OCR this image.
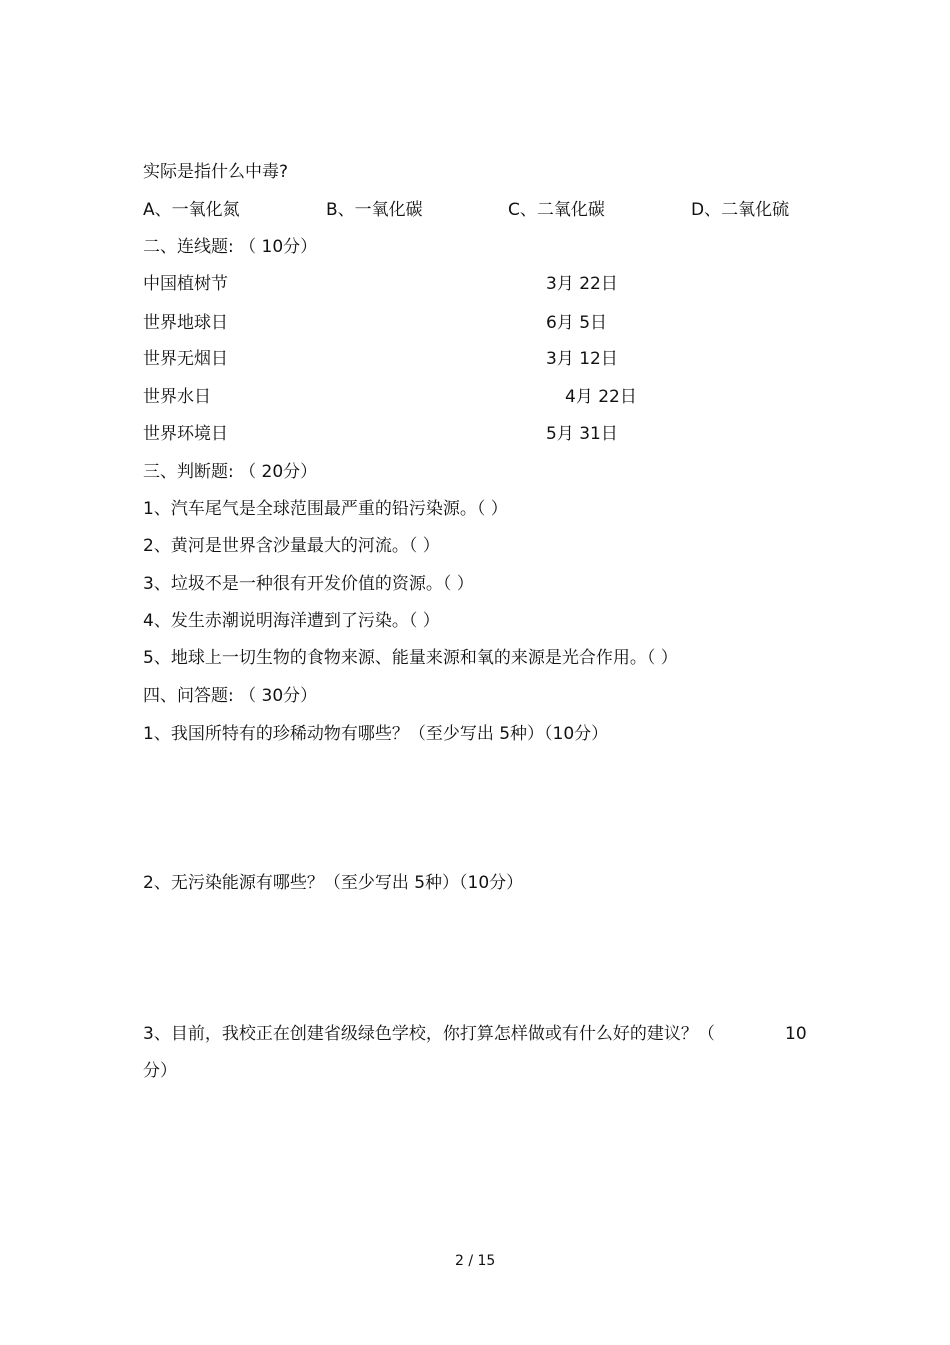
实际是指什么中毒?
A、一氧化氮	B、一氧化碳	C、二氧化碳	D、二氧化硫
二、连线题: （ 10分）
中国植树节	3月 22日
世界地球日	6月 5日
世界无烟日	3月 12日
世界水日	4月 22日
世界环境日	5月 31日
三、判断题: （ 20分）
1、汽车尾气是全球范围最严重的铅污染源。（ ）
2、黄河是世界含沙量最大的河流。（ ）
3、垃圾不是一种很有开发价值的资源。（ ）
4、发生赤潮说明海洋遭到了污染。（ ）
5、地球上一切生物的食物来源、能量来源和氧的来源是光合作用。（ ）
四、问答题: （ 30分）
1、我国所特有的珍稀动物有哪些？（至少写出 5种）（10分）
2、无污染能源有哪些？（至少写出 5种）（10分）
3、目前，我校正在创建省级绿色学校，你打算怎样做或有什么好的建议？（	10
分）
2 / 15
